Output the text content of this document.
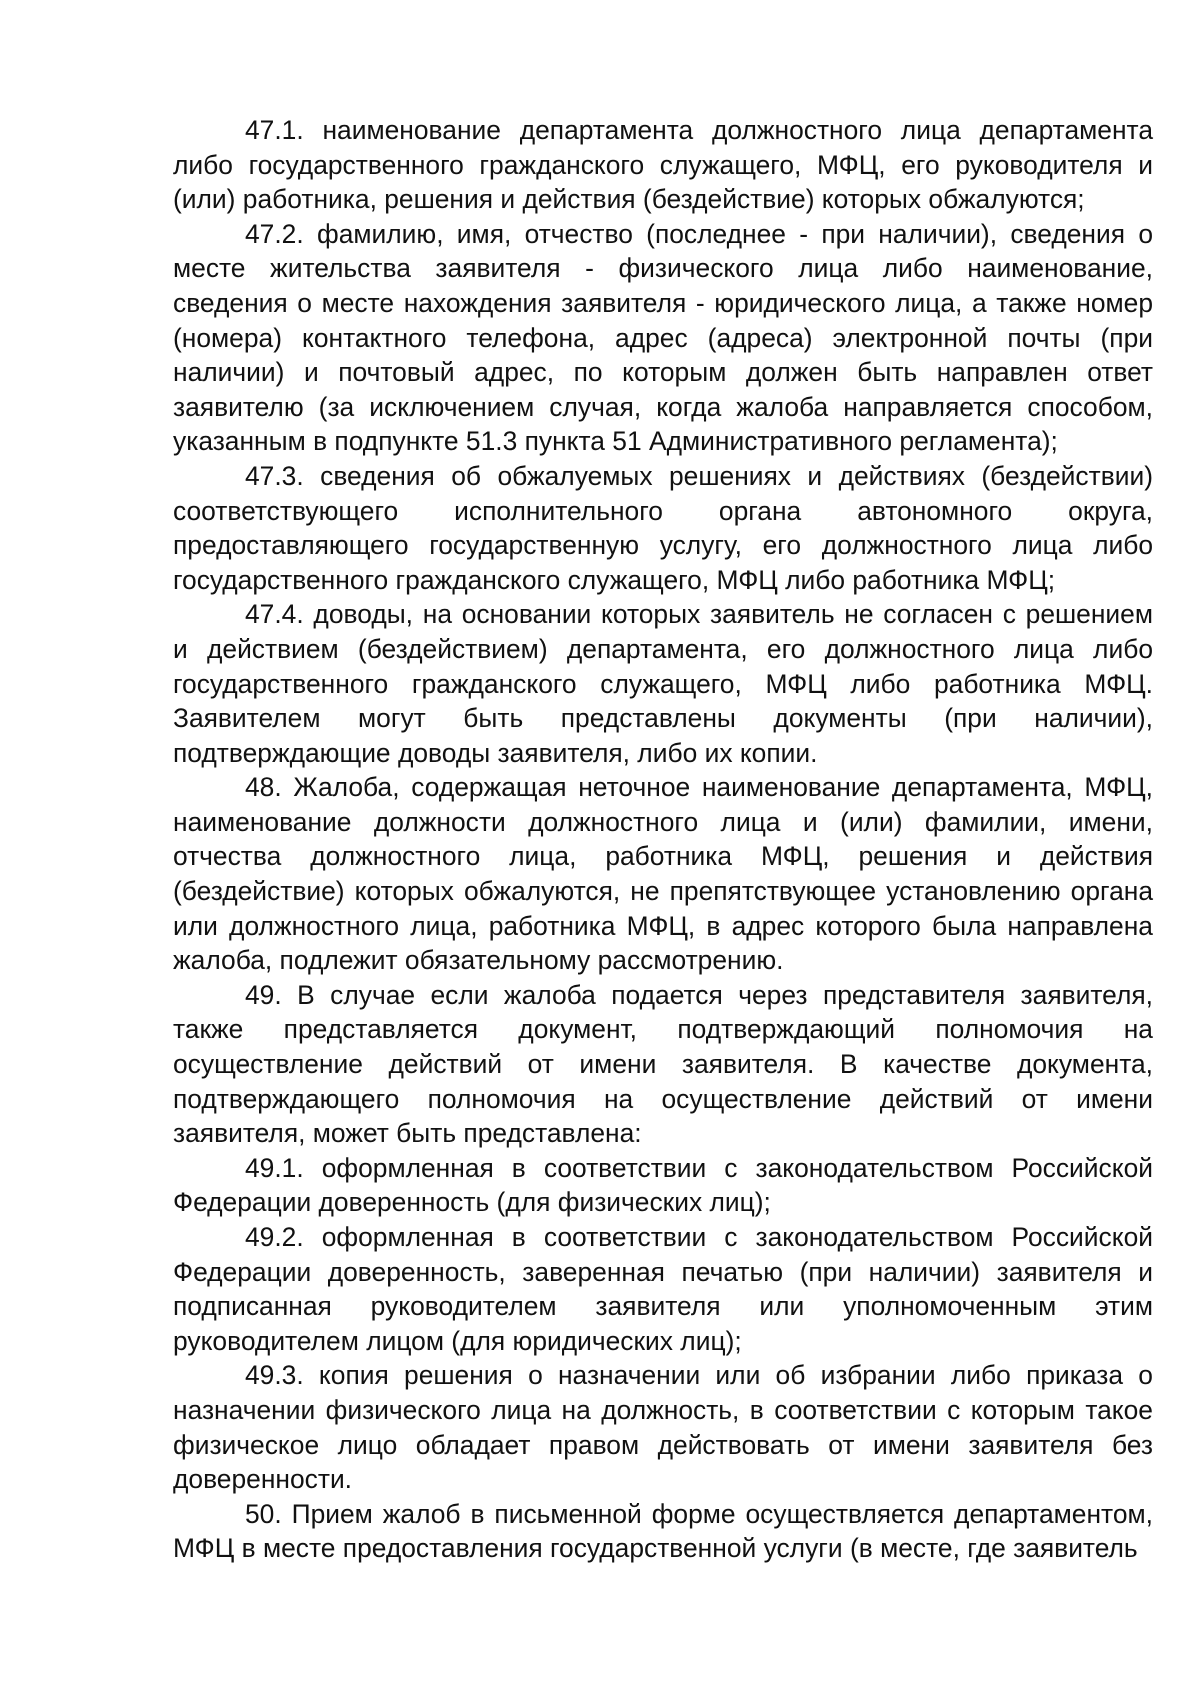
47.1. наименование департамента должностного лица департамента либо государственного гражданского служащего, МФЦ, его руководителя и (или) работника, решения и действия (бездействие) которых обжалуются;

47.2. фамилию, имя, отчество (последнее - при наличии), сведения о месте жительства заявителя - физического лица либо наименование, сведения о месте нахождения заявителя - юридического лица, а также номер (номера) контактного телефона, адрес (адреса) электронной почты (при наличии) и почтовый адрес, по которым должен быть направлен ответ заявителю (за исключением случая, когда жалоба направляется способом, указанным в подпункте 51.3 пункта 51 Административного регламента);

47.3. сведения об обжалуемых решениях и действиях (бездействии) соответствующего исполнительного органа автономного округа, предоставляющего государственную услугу, его должностного лица либо государственного гражданского служащего, МФЦ либо работника МФЦ;

47.4. доводы, на основании которых заявитель не согласен с решением и действием (бездействием) департамента, его должностного лица либо государственного гражданского служащего, МФЦ либо работника МФЦ. Заявителем могут быть представлены документы (при наличии), подтверждающие доводы заявителя, либо их копии.

48. Жалоба, содержащая неточное наименование департамента, МФЦ, наименование должности должностного лица и (или) фамилии, имени, отчества должностного лица, работника МФЦ, решения и действия (бездействие) которых обжалуются, не препятствующее установлению органа или должностного лица, работника МФЦ, в адрес которого была направлена жалоба, подлежит обязательному рассмотрению.

49. В случае если жалоба подается через представителя заявителя, также представляется документ, подтверждающий полномочия на осуществление действий от имени заявителя. В качестве документа, подтверждающего полномочия на осуществление действий от имени заявителя, может быть представлена:

49.1. оформленная в соответствии с законодательством Российской Федерации доверенность (для физических лиц);

49.2. оформленная в соответствии с законодательством Российской Федерации доверенность, заверенная печатью (при наличии) заявителя и подписанная руководителем заявителя или уполномоченным этим руководителем лицом (для юридических лиц);

49.3. копия решения о назначении или об избрании либо приказа о назначении физического лица на должность, в соответствии с которым такое физическое лицо обладает правом действовать от имени заявителя без доверенности.

50. Прием жалоб в письменной форме осуществляется департаментом, МФЦ в месте предоставления государственной услуги (в месте, где заявитель
